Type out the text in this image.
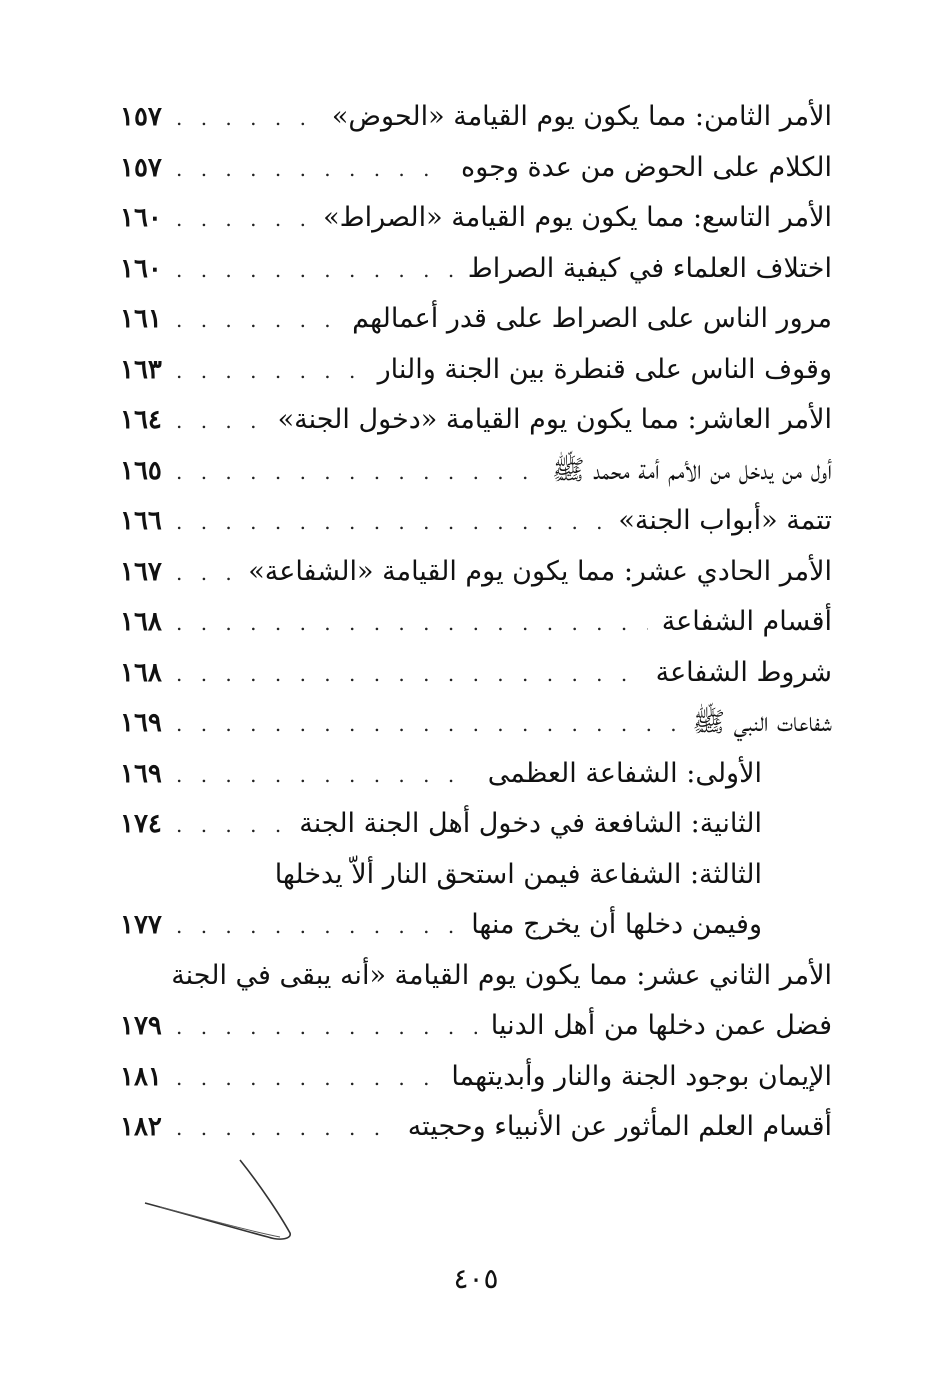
الأمر الثامن: مما يكون يوم القيامة «الحوض»
. . .
١٥٧
الكلام على الحوض من عدة وجوه
. . .
١٥٧
الأمر التاسع: مما يكون يوم القيامة «الصراط»
. . .
١٦٠
اختلاف العلماء في كيفية الصراط
. . .
١٦٠
مرور الناس على الصراط على قدر أعمالهم
. . .
١٦١
وقوف الناس على قنطرة بين الجنة والنار
. . .
١٦٣
الأمر العاشر: مما يكون يوم القيامة «دخول الجنة»
. . .
١٦٤
أول من يدخل من الأمم أمة محمد ﷺ
. . .
١٦٥
تتمة «أبواب الجنة»
. . .
١٦٦
الأمر الحادي عشر: مما يكون يوم القيامة «الشفاعة»
. . .
١٦٧
أقسام الشفاعة
. . .
١٦٨
شروط الشفاعة
. . .
١٦٨
شفاعات النبي ﷺ
. . .
١٦٩
الأولى: الشفاعة العظمى
. . .
١٦٩
الثانية: الشافعة في دخول أهل الجنة الجنة
. . .
١٧٤
الثالثة: الشفاعة فيمن استحق النار ألاّ يدخلها
وفيمن دخلها أن يخرج منها
. . .
١٧٧
الأمر الثاني عشر: مما يكون يوم القيامة «أنه يبقى في الجنة
فضل عمن دخلها من أهل الدنيا
. . .
١٧٩
الإيمان بوجود الجنة والنار وأبديتهما
. . .
١٨١
أقسام العلم المأثور عن الأنبياء وحجيته
. . .
١٨٢
٤٠٥
